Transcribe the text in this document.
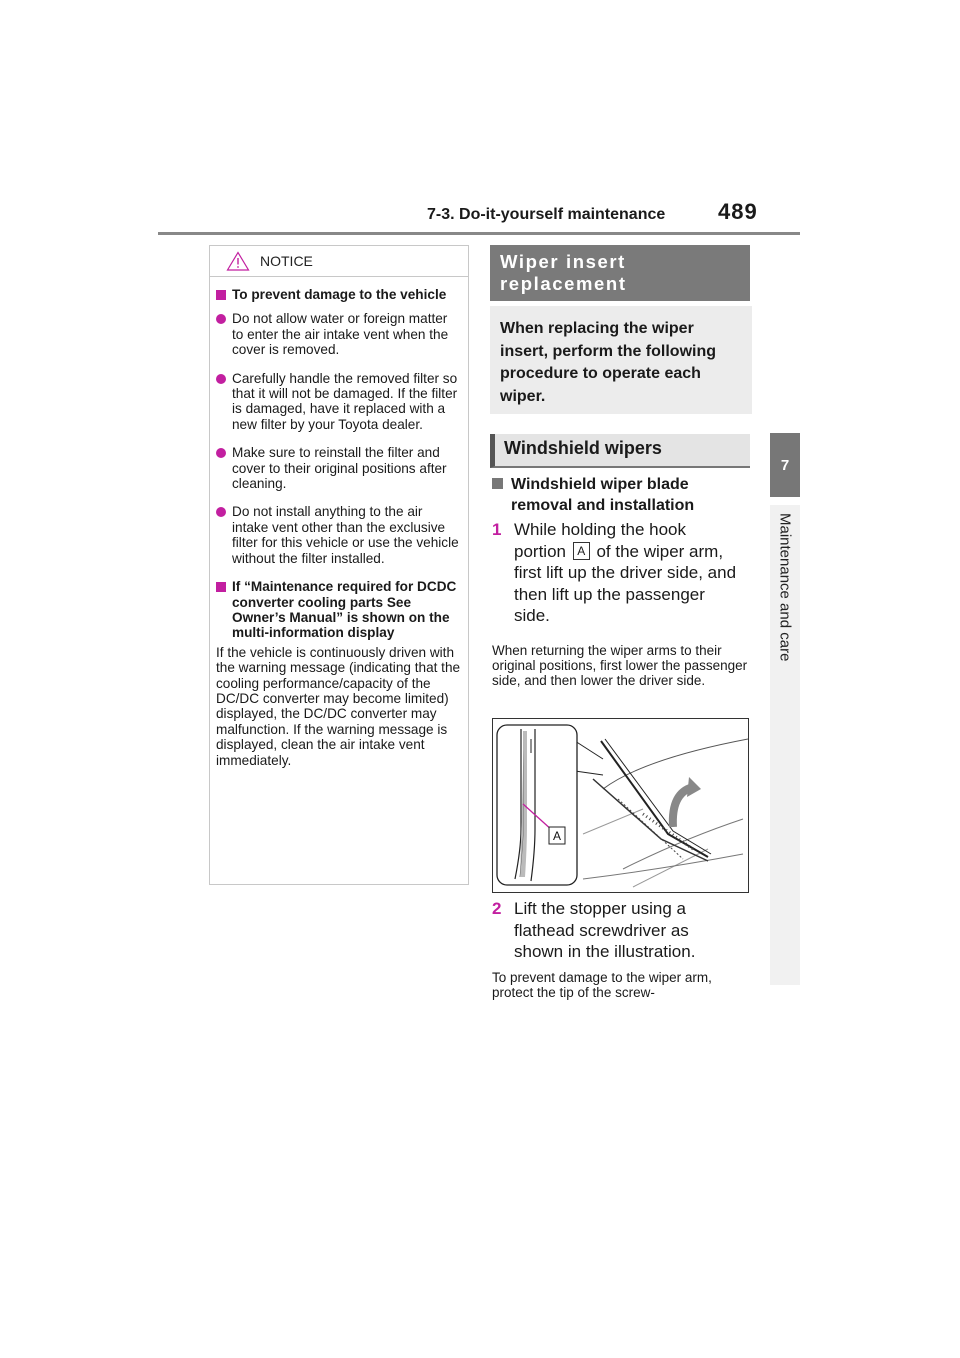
7-3. Do-it-yourself maintenance 489
7
Maintenance and care
NOTICE
To prevent damage to the vehicle
Do not allow water or foreign matter to enter the air intake vent when the cover is removed.
Carefully handle the removed filter so that it will not be damaged. If the filter is damaged, have it replaced with a new filter by your Toyota dealer.
Make sure to reinstall the filter and cover to their original positions after cleaning.
Do not install anything to the air intake vent other than the exclusive filter for this vehicle or use the vehicle without the filter installed.
If “Maintenance required for DCDC converter cooling parts See Owner’s Manual” is shown on the multi-information display
If the vehicle is continuously driven with the warning message (indicating that the cooling performance/capacity of the DC/DC converter may become limited) displayed, the DC/DC converter may malfunction. If the warning message is displayed, clean the air intake vent immediately.
Wiper insert replacement
When replacing the wiper insert, perform the following procedure to operate each wiper.
Windshield wipers
Windshield wiper blade removal and installation
1 While holding the hook portion A of the wiper arm, first lift up the driver side, and then lift up the passenger side.
When returning the wiper arms to their original positions, first lower the passenger side, and then lower the driver side.
A
2 Lift the stopper using a flathead screwdriver as shown in the illustration.
To prevent damage to the wiper arm, protect the tip of the screw-
